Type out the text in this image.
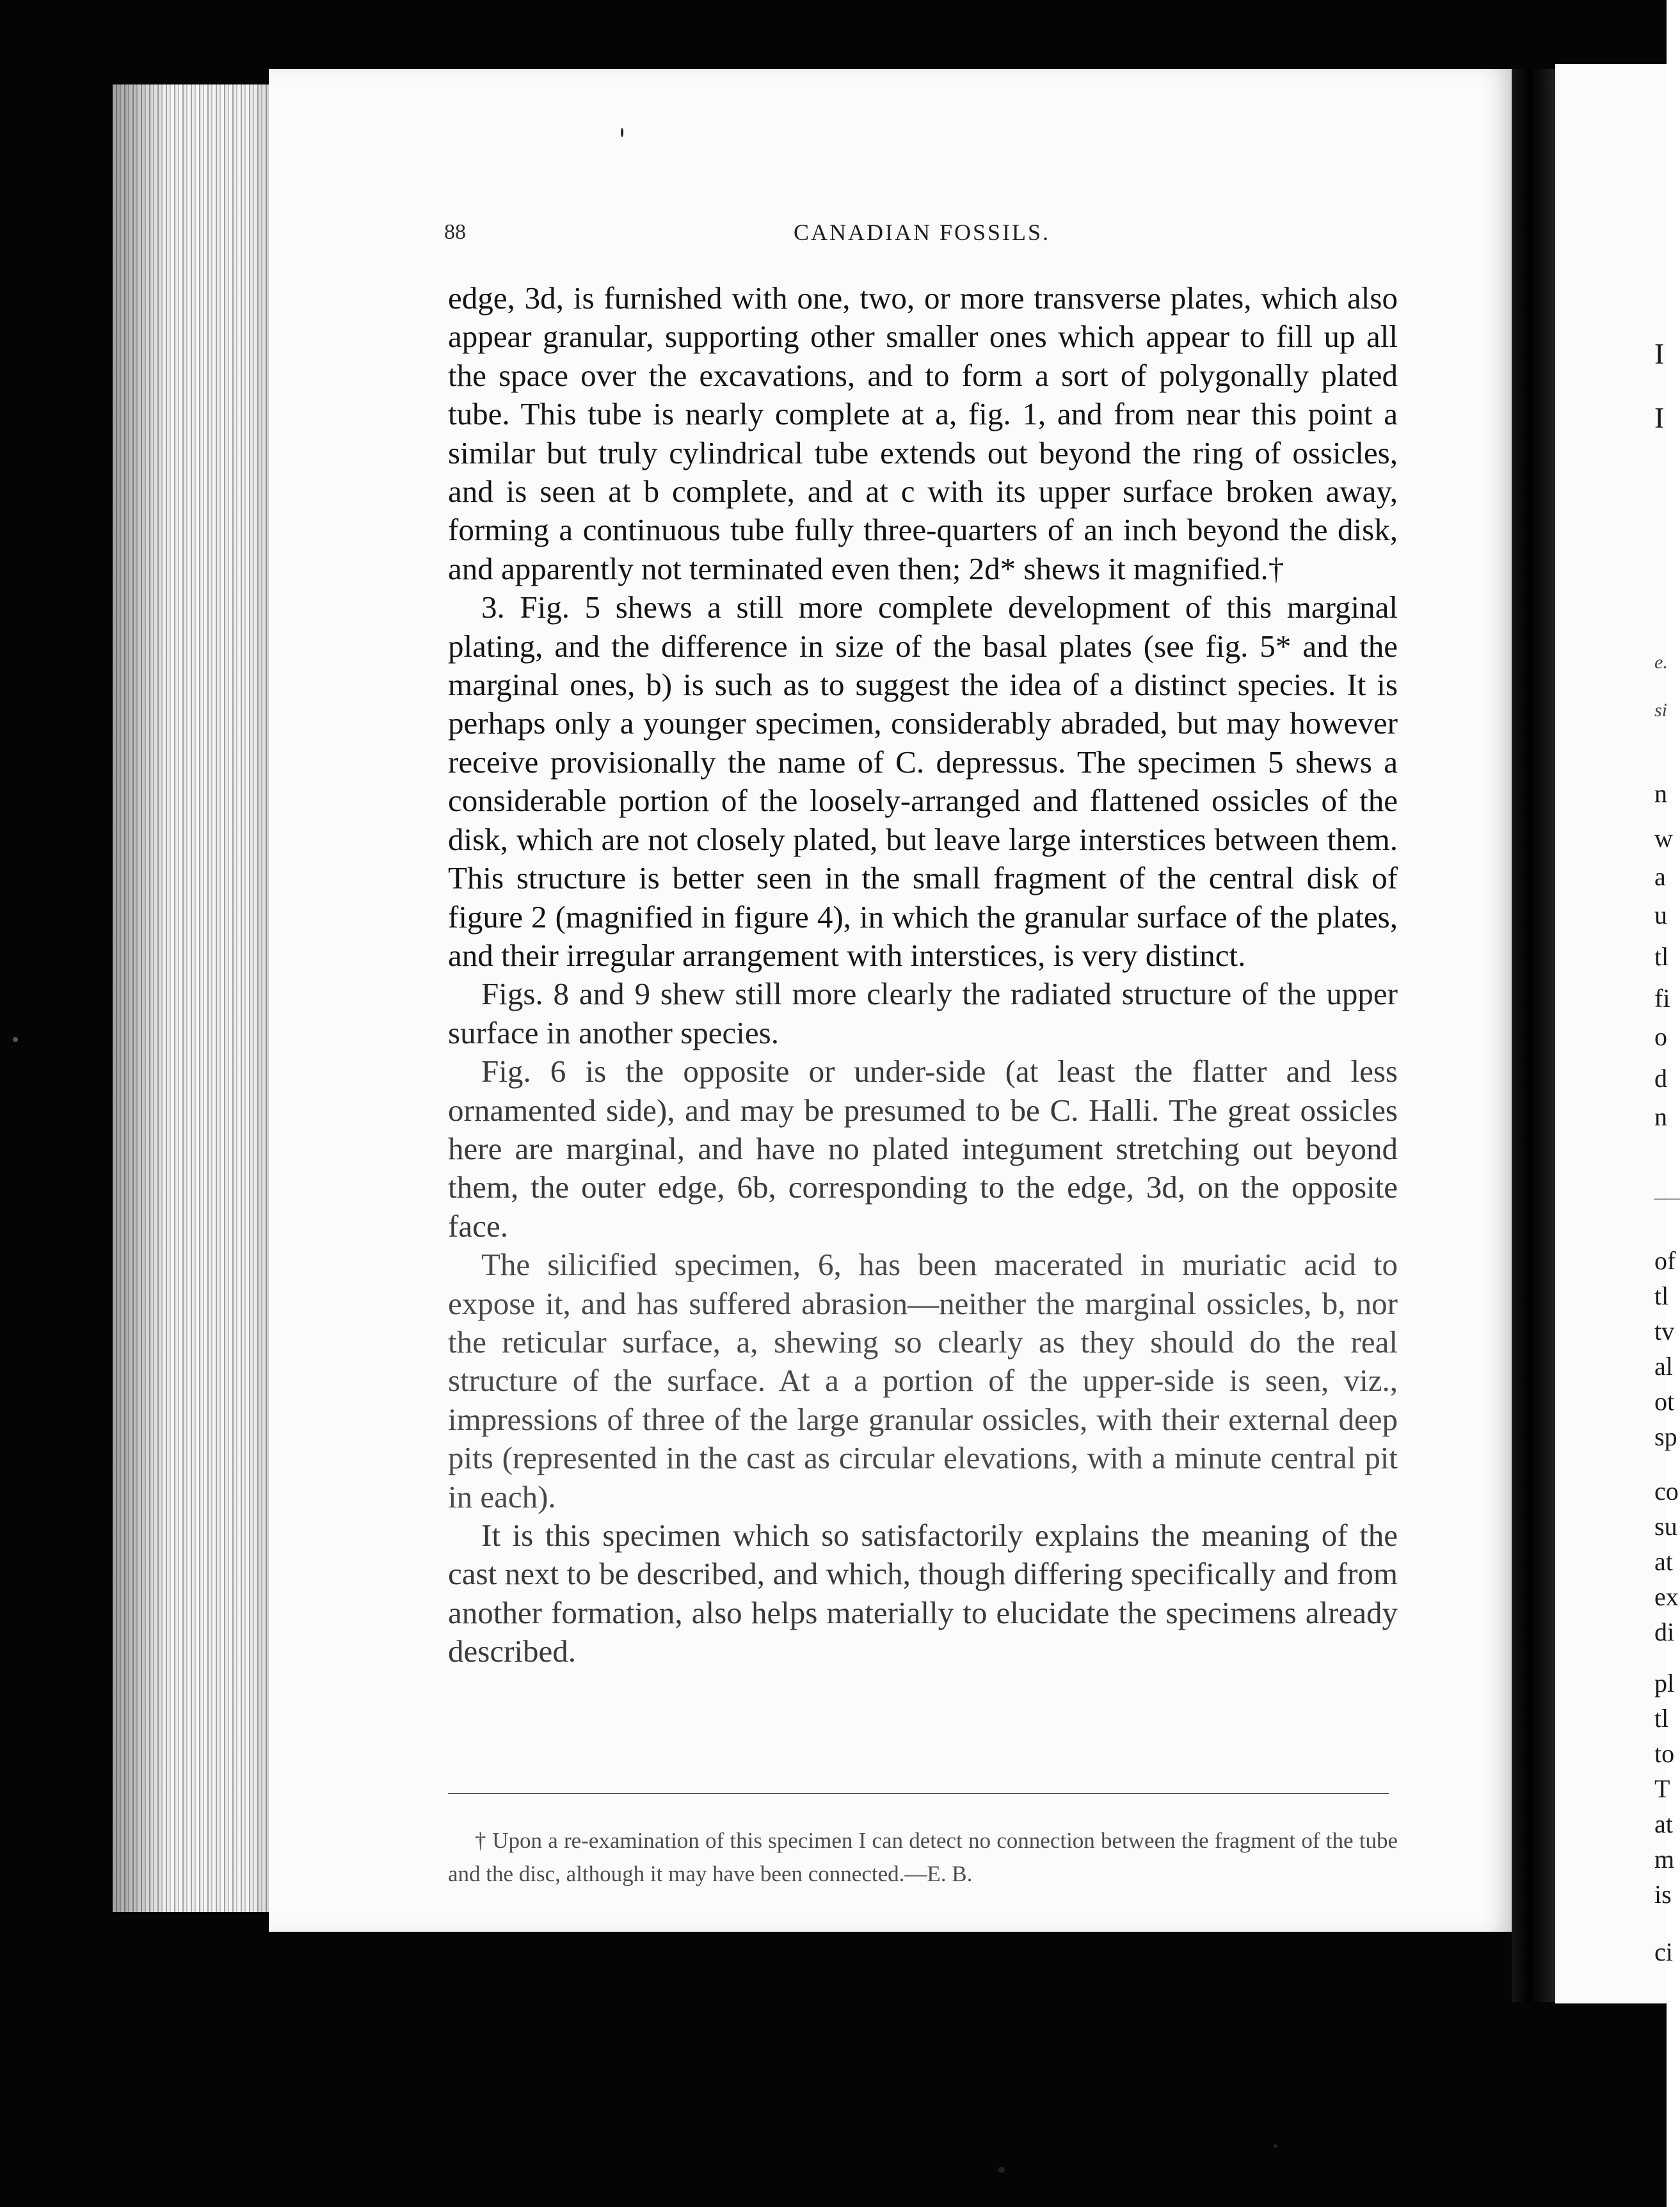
I
I
e.
si
n
w
a
u
tl
fi
o
d
n
—
of
tl
tv
al
ot
sp
co
su
at
ex
di
pl
tl
to
T
at
m
is
ci
88	CANADIAN FOSSILS.

edge, 3d, is furnished with one, two, or more transverse plates, which also appear granular, supporting other smaller ones which appear to fill up all the space over the excavations, and to form a sort of polygonally plated tube. This tube is nearly complete at a, fig. 1, and from near this point a similar but truly cylindrical tube extends out beyond the ring of ossicles, and is seen at b complete, and at c with its upper surface broken away, forming a continuous tube fully three-quarters of an inch beyond the disk, and apparently not terminated even then; 2d* shews it magnified.†

3. Fig. 5 shews a still more complete development of this marginal plating, and the difference in size of the basal plates (see fig. 5* and the marginal ones, b) is such as to suggest the idea of a distinct species. It is perhaps only a younger specimen, considerably abraded, but may however receive provisionally the name of C. depressus. The specimen 5 shews a considerable portion of the loosely-arranged and flattened ossicles of the disk, which are not closely plated, but leave large interstices between them. This structure is better seen in the small fragment of the central disk of figure 2 (magnified in figure 4), in which the granular surface of the plates, and their irregular arrangement with interstices, is very distinct.

Figs. 8 and 9 shew still more clearly the radiated structure of the upper surface in another species.

Fig. 6 is the opposite or under-side (at least the flatter and less ornamented side), and may be presumed to be C. Halli. The great ossicles here are marginal, and have no plated integument stretching out beyond them, the outer edge, 6b, corresponding to the edge, 3d, on the opposite face.

The silicified specimen, 6, has been macerated in muriatic acid to expose it, and has suffered abrasion—neither the marginal ossicles, b, nor the reticular surface, a, shewing so clearly as they should do the real structure of the surface. At a a portion of the upper-side is seen, viz., impressions of three of the large granular ossicles, with their external deep pits (represented in the cast as circular elevations, with a minute central pit in each).

It is this specimen which so satisfactorily explains the meaning of the cast next to be described, and which, though differing specifically and from another formation, also helps materially to elucidate the specimens already described.

† Upon a re-examination of this specimen I can detect no connection between the fragment of the tube and the disc, although it may have been connected.—E. B.
